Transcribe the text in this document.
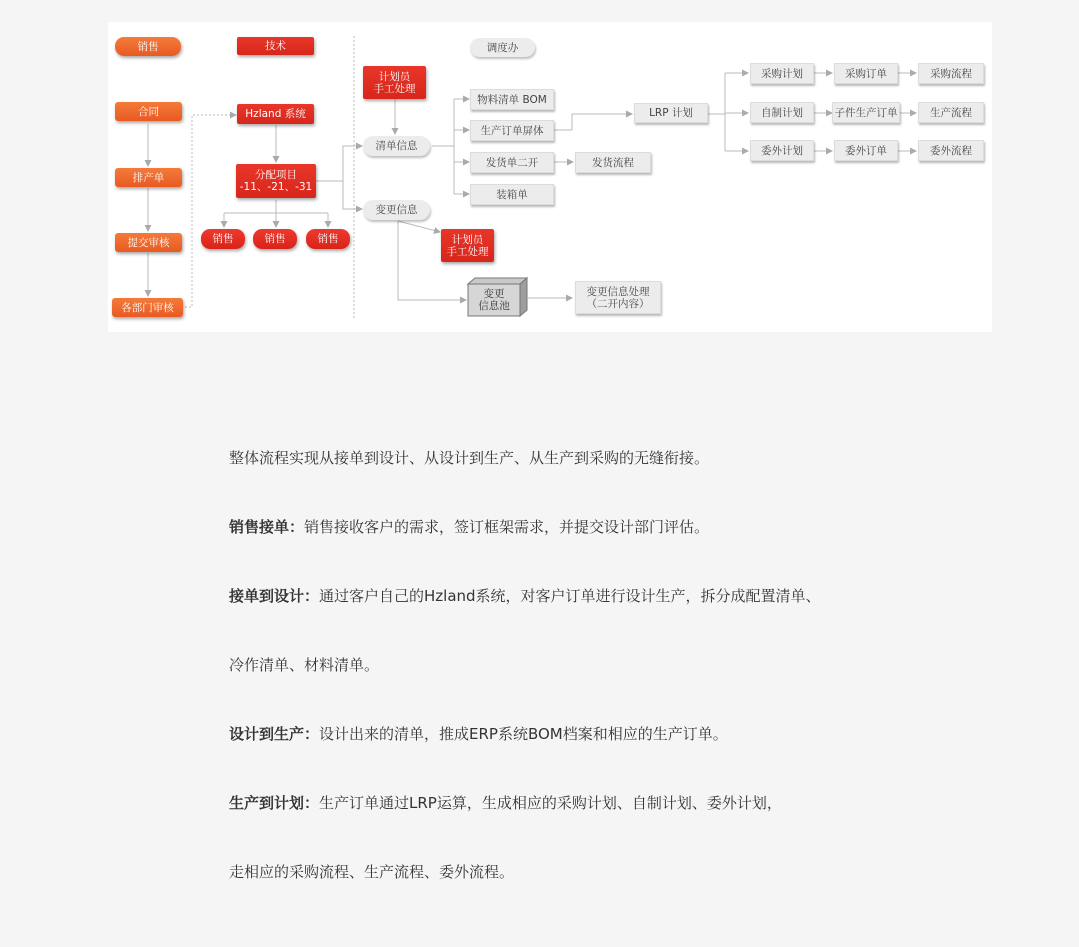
销售	技术	调度办
合同
排产单
提交审核
各部门审核
Hzland 系统
分配项目
-11、-21、-31
销售	销售	销售
计划员
手工处理
清单信息
变更信息
计划员
手工处理
物料清单 BOM
生产订单屏体
发货单二开	发货流程
装箱单
LRP 计划
采购计划	采购订单	采购流程
自制计划	子件生产订单	生产流程
委外计划	委外订单	委外流程
变更
信息池
变更信息处理
（二开内容）
整体流程实现从接单到设计、从设计到生产、从生产到采购的无缝衔接。
销售接单：销售接收客户的需求，签订框架需求，并提交设计部门评估。
接单到设计：通过客户自己的Hzland系统，对客户订单进行设计生产，拆分成配置清单、
冷作清单、材料清单。
设计到生产：设计出来的清单，推成ERP系统BOM档案和相应的生产订单。
生产到计划：生产订单通过LRP运算，生成相应的采购计划、自制计划、委外计划，
走相应的采购流程、生产流程、委外流程。
